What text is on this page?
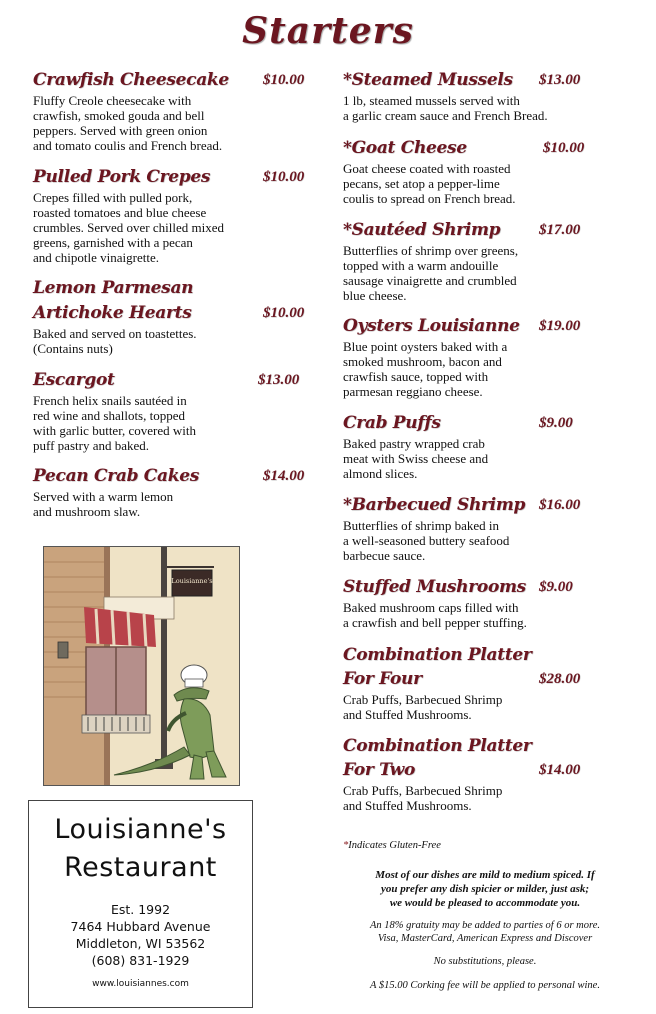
Starters
Crawfish Cheesecake $10.00
Fluffy Creole cheesecake with
crawfish, smoked gouda and bell
peppers. Served with green onion
and tomato coulis and French bread.
Pulled Pork Crepes	$10.00
Crepes filled with pulled pork,
roasted tomatoes and blue cheese
crumbles. Served over chilled mixed
greens, garnished with a pecan
and chipotle vinaigrette.
Lemon Parmesan
Artichoke Hearts	$10.00
Baked and served on toastettes.
(Contains nuts)
Escargot	$13.00
French helix snails sautéed in
red wine and shallots, topped
with garlic butter, covered with
puff pastry and baked.
Pecan Crab Cakes	$14.00
Served with a warm lemon
and mushroom slaw.
Louisianne's
Louisianne's
Restaurant
Est. 1992
7464 Hubbard Avenue
Middleton, WI 53562
(608) 831-1929
www.louisiannes.com
*Steamed Mussels $13.00
1 lb, steamed mussels served with
a garlic cream sauce and French Bread.
*Goat Cheese	$10.00
Goat cheese coated with roasted
pecans, set atop a pepper-lime
coulis to spread on French bread.
*Sautéed Shrimp	$17.00
Butterflies of shrimp over greens,
topped with a warm andouille
sausage vinaigrette and crumbled
blue cheese.
Oysters Louisianne $19.00
Blue point oysters baked with a
smoked mushroom, bacon and
crawfish sauce, topped with
parmesan reggiano cheese.
Crab Puffs	$9.00
Baked pastry wrapped crab
meat with Swiss cheese and
almond slices.
*Barbecued Shrimp $16.00
Butterflies of shrimp baked in
a well-seasoned buttery seafood
barbecue sauce.
Stuffed Mushrooms $9.00
Baked mushroom caps filled with
a crawfish and bell pepper stuffing.
Combination Platter
For Four	$28.00
Crab Puffs, Barbecued Shrimp
and Stuffed Mushrooms.
Combination Platter
For Two	$14.00
Crab Puffs, Barbecued Shrimp
and Stuffed Mushrooms.
*Indicates Gluten-Free
Most of our dishes are mild to medium spiced. If
you prefer any dish spicier or milder, just ask;
we would be pleased to accommodate you.
An 18% gratuity may be added to parties of 6 or more.
Visa, MasterCard, American Express and Discover
No substitutions, please.
A $15.00 Corking fee will be applied to personal wine.
